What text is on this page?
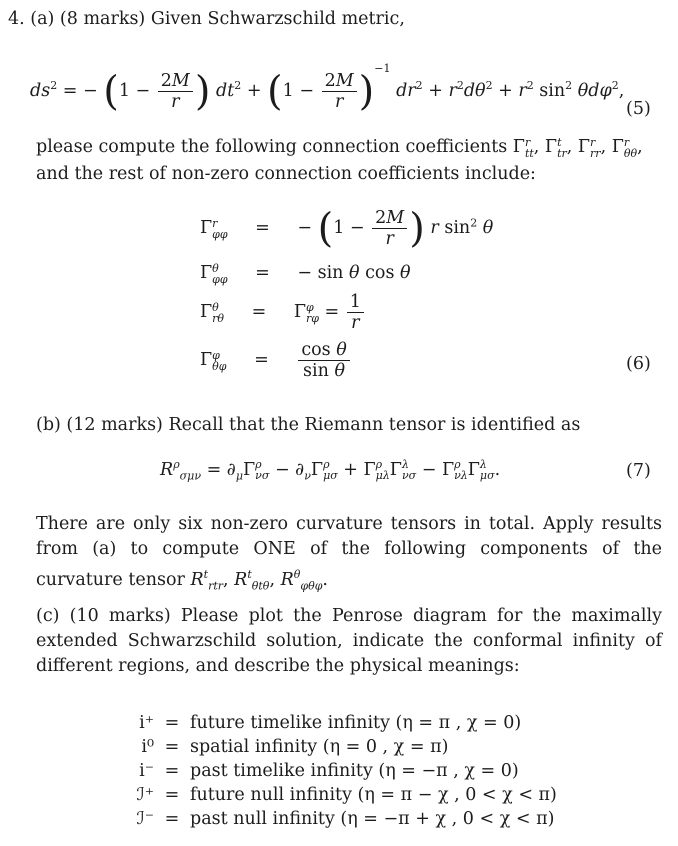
4. (a) (8 marks) Given Schwarzschild metric,
$ds^2$ = − ($1 - \frac{2M}{r}$ ) $dt^2 + (1 - \frac{2M}{r} )^{-1}$ $dr^2 + r^2d\theta^2 + r^2$ $\sin^2 \theta d\varphi^2$,
(5)
please compute the following connection coefficients Γ r
tt , Γ t
tr , Γ r
rr , Γ r
θθ ,
and the rest of non-zero connection coefficients include:
Γ r
φφ = − ($1 - \frac{2M}{r}$ ) r $\sin^2 \theta$
Γ θ
φφ = − sin θ cos θ
Γ θ
rθ = Γ φ
$r\varphi = \frac{1}{r}$
Γ φ
$\theta\varphi = \frac{\text{cos θ}}{\text{sin θ}}$	(6)
(b) (12 marks) Recall that the Riemann tensor is identified as
$R^\rho_{\sigma\mu\nu} = \partial_\mu\Gamma$ ρ
$\nu\sigma - \partial_\nu\Gamma$ ρ
μσ + Γ ρ
μλ Γ λ
νσ − Γ ρ
νλ Γ λ
μσ .	(7)

There are only six non-zero curvature tensors in total. Apply results from (a) to compute ONE of the following components of the curvature tensor $R^t_{rtr}$, $R^t_{\theta t\theta}$, $R^\theta_{\varphi\theta\varphi}$.

(c) (10 marks) Please plot the Penrose diagram for the maximally extended Schwarzschild solution, indicate the conformal infinity of different regions, and describe the physical meanings:

i⁺ = future timelike infinity
(η = π , χ = 0)
i⁰ = spatial infinity
(η = 0 , χ = π)
i⁻ = past timelike infinity
(η = −π , χ = 0)
ℐ⁺ = future null infinity
(η = π − χ , 0 < χ < π)
ℐ⁻ = past null infinity
(η = −π + χ , 0 < χ < π)
